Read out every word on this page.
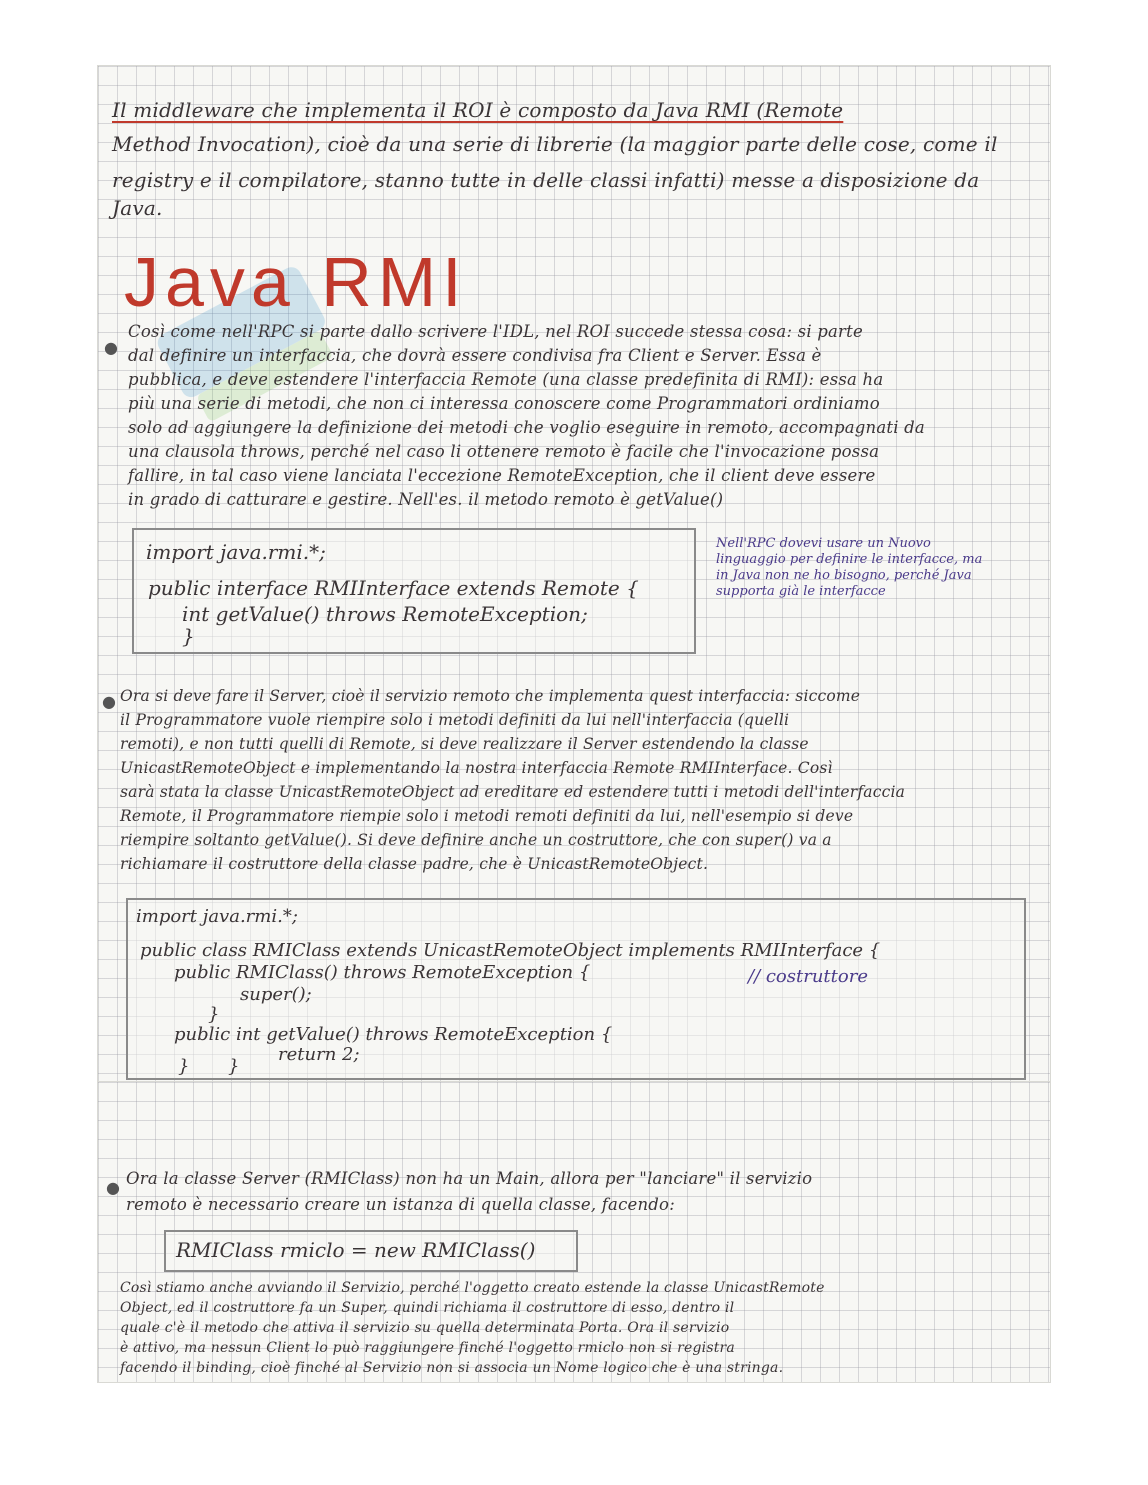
Il middleware che implementa il ROI è composto da Java RMI (Remote
Method Invocation), cioè da una serie di librerie (la maggior parte delle cose, come il
registry e il compilatore, stanno tutte in delle classi infatti) messe a disposizione da Java.
Java RMI
●
Così come nell'RPC si parte dallo scrivere l'IDL, nel ROI succede stessa cosa: si parte
dal definire un interfaccia, che dovrà essere condivisa fra Client e Server. Essa è
pubblica, e deve estendere l'interfaccia Remote (una classe predefinita di RMI): essa ha
più una serie di metodi, che non ci interessa conoscere come Programmatori ordiniamo
solo ad aggiungere la definizione dei metodi che voglio eseguire in remoto, accompagnati da
una clausola throws, perché nel caso li ottenere remoto è facile che l'invocazione possa
fallire, in tal caso viene lanciata l'eccezione RemoteException, che il client deve essere
in grado di catturare e gestire. Nell'es. il metodo remoto è getValue()
import java.rmi.*;
public interface RMIInterface extends Remote {
int getValue() throws RemoteException;
}
Nell'RPC dovevi usare un Nuovo
linguaggio per definire le interfacce, ma
in Java non ne ho bisogno, perché Java
supporta già le interfacce
● Ora si deve fare il Server, cioè il servizio remoto che implementa quest interfaccia: siccome
il Programmatore vuole riempire solo i metodi definiti da lui nell'interfaccia (quelli
remoti), e non tutti quelli di Remote, si deve realizzare il Server estendendo la classe
UnicastRemoteObject e implementando la nostra interfaccia Remote RMIInterface. Così
sarà stata la classe UnicastRemoteObject ad ereditare ed estendere tutti i metodi dell'interfaccia
Remote, il Programmatore riempie solo i metodi remoti definiti da lui, nell'esempio si deve
riempire soltanto getValue(). Si deve definire anche un costruttore, che con super() va a
richiamare il costruttore della classe padre, che è UnicastRemoteObject.
import java.rmi.*;
public class RMIClass extends UnicastRemoteObject implements RMIInterface {
public RMIClass() throws RemoteException {
super();
}
public int getValue() throws RemoteException {
return 2;
}
}
// costruttore
● Ora la classe Server (RMIClass) non ha un Main, allora per "lanciare" il servizio
remoto è necessario creare un istanza di quella classe, facendo:
RMIClass rmiclo = new RMIClass()
Così stiamo anche avviando il Servizio, perché l'oggetto creato estende la classe UnicastRemote
Object, ed il costruttore fa un Super, quindi richiama il costruttore di esso, dentro il
quale c'è il metodo che attiva il servizio su quella determinata Porta. Ora il servizio
è attivo, ma nessun Client lo può raggiungere finché l'oggetto rmiclo non si registra
facendo il binding, cioè finché al Servizio non si associa un Nome logico che è una stringa.
